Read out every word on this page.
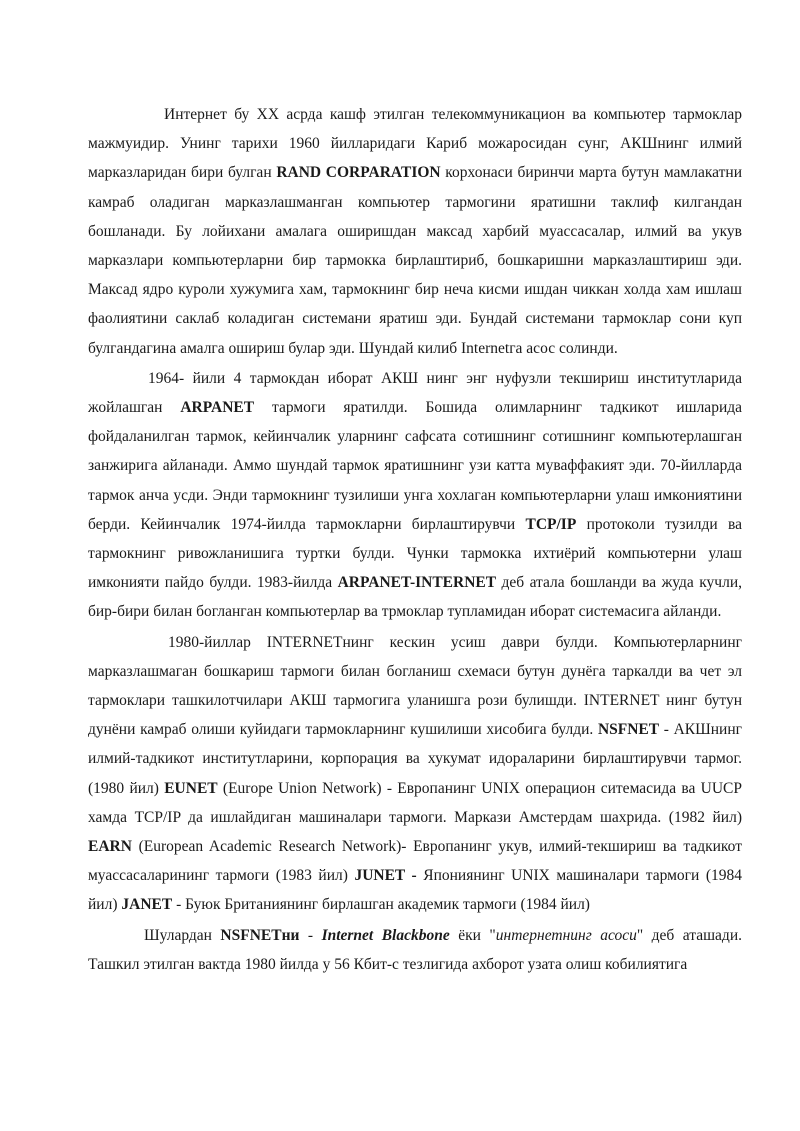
Интернет бу XX асрда кашф этилган телекоммуникацион ва компьютер тармоклар мажмуидир. Унинг тарихи 1960 йилларидаги Кариб можаросидан сунг, АКШнинг илмий марказларидан бири булган RAND CORPARATION корхонаси биринчи марта бутун мамлакатни камраб оладиган марказлашманган компьютер тармогини яратишни таклиф килгандан бошланади. Бу лойихани амалага оширишдан максад харбий муассасалар, илмий ва укув марказлари компьютерларни бир тармокка бирлаштириб, бошкаришни марказлаштириш эди. Максад ядро куроли хужумига хам, тармокнинг бир неча кисми ишдан чиккан холда хам ишлаш фаолиятини саклаб коладиган системани яратиш эди. Бундай системани тармоклар сони куп булгандагина амалга ошириш булар эди. Шундай килиб Internetга асос солинди.

1964- йили 4 тармокдан иборат АКШ нинг энг нуфузли текшириш институтларида жойлашган ARPANET тармоги яратилди. Бошида олимларнинг тадкикот ишларида фойдаланилган тармок, кейинчалик уларнинг сафсата сотишнинг сотишнинг компьютерлашган занжирига айланади. Аммо шундай тармок яратишнинг узи катта муваффакият эди. 70-йилларда тармок анча усди. Энди тармокнинг тузилиши унга хохлаган компьютерларни улаш имкониятини берди. Кейинчалик 1974-йилда тармокларни бирлаштирувчи TCP/IP протоколи тузилди ва тармокнинг ривожланишига туртки булди. Чунки тармокка ихтиёрий компьютерни улаш имконияти пайдо булди. 1983-йилда ARPANET-INTERNET деб атала бошланди ва жуда кучли, бир-бири билан богланган компьютерлар ва трмоклар тупламидан иборат системасига айланди.

1980-йиллар INTERNETнинг кескин усиш даври булди. Компьютерларнинг марказлашмаган бошкариш тармоги билан богланиш схемаси бутун дунёга таркалди ва чет эл тармоклари ташкилотчилари АКШ тармогига уланишга рози булишди. INTERNET нинг бутун дунёни камраб олиши куйидаги тармокларнинг кушилиши хисобига булди. NSFNET - АКШнинг илмий-тадкикот институтларини, корпорация ва хукумат идораларини бирлаштирувчи тармог. (1980 йил) EUNET (Europe Union Network) - Европанинг UNIX операцион ситемасида ва UUCP хамда TCP/IP да ишлайдиган машиналари тармоги. Маркази Амстердам шахрида. (1982 йил) EARN (European Academic Research Network)- Европанинг укув, илмий-текшириш ва тадкикот муассасаларининг тармоги (1983 йил) JUNET - Япониянинг UNIX машиналари тармоги (1984 йил) JANET - Буюк Британиянинг бирлашган академик тармоги (1984 йил)

Шулардан NSFNETни - Internet Blackbone ёки "интернетнинг асоси" деб аташади. Ташкил этилган вактда 1980 йилда у 56 Кбит-с тезлигида ахборот узата олиш кобилиятига
